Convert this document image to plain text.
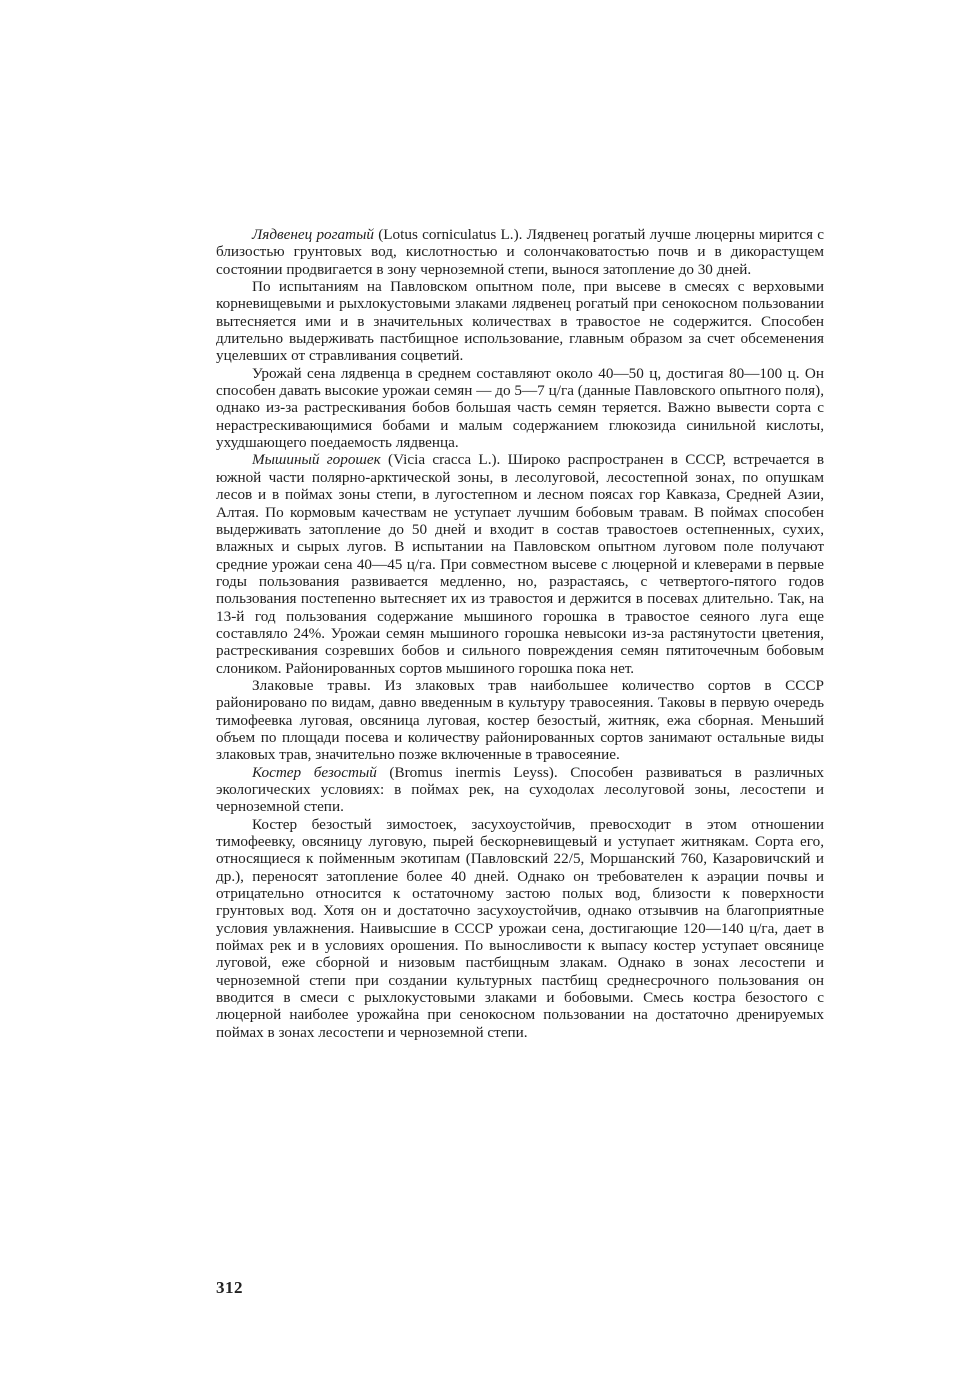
Лядвенец рогатый (Lotus corniculatus L.). Лядвенец рогатый лучше люцерны мирится с близостью грунтовых вод, кислотностью и солончаковатостью почв и в дикорастущем состоянии продвигается в зону черноземной степи, вынося затопление до 30 дней.

По испытаниям на Павловском опытном поле, при высеве в смесях с верховыми корневищевыми и рыхлокустовыми злаками лядвенец рогатый при сенокосном пользовании вытесняется ими и в значительных количествах в травостое не содержится. Способен длительно выдерживать пастбищное использование, главным образом за счет обсеменения уцелевших от стравливания соцветий.

Урожай сена лядвенца в среднем составляют около 40—50 ц, достигая 80—100 ц. Он способен давать высокие урожаи семян — до 5—7 ц/га (данные Павловского опытного поля), однако из-за растрескивания бобов большая часть семян теряется. Важно вывести сорта с нерастрескивающимися бобами и малым содержанием глюкозида синильной кислоты, ухудшающего поедаемость лядвенца.

Мышиный горошек (Vicia cracca L.). Широко распространен в СССР, встречается в южной части полярно-арктической зоны, в лесолуговой, лесостепной зонах, по опушкам лесов и в поймах зоны степи, в лугостепном и лесном поясах гор Кавказа, Средней Азии, Алтая. По кормовым качествам не уступает лучшим бобовым травам. В поймах способен выдерживать затопление до 50 дней и входит в состав травостоев остепненных, сухих, влажных и сырых лугов. В испытании на Павловском опытном луговом поле получают средние урожаи сена 40—45 ц/га. При совместном высеве с люцерной и клеверами в первые годы пользования развивается медленно, но, разрастаясь, с четвертого-пятого годов пользования постепенно вытесняет их из травостоя и держится в посевах длительно. Так, на 13-й год пользования содержание мышиного горошка в травостое сеяного луга еще составляло 24%. Урожаи семян мышиного горошка невысоки из-за растянутости цветения, растрескивания созревших бобов и сильного повреждения семян пятиточечным бобовым слоником. Районированных сортов мышиного горошка пока нет.

Злаковые травы. Из злаковых трав наибольшее количество сортов в СССР районировано по видам, давно введенным в культуру травосеяния. Таковы в первую очередь тимофеевка луговая, овсяница луговая, костер безостый, житняк, ежа сборная. Меньший объем по площади посева и количеству районированных сортов занимают остальные виды злаковых трав, значительно позже включенные в травосеяние.

Костер безостый (Bromus inermis Leyss). Способен развиваться в различных экологических условиях: в поймах рек, на суходолах лесолуговой зоны, лесостепи и черноземной степи.

Костер безостый зимостоек, засухоустойчив, превосходит в этом отношении тимофеевку, овсяницу луговую, пырей бескорневищевый и уступает житнякам. Сорта его, относящиеся к пойменным экотипам (Павловский 22/5, Моршанский 760, Казаровичский и др.), переносят затопление более 40 дней. Однако он требователен к аэрации почвы и отрицательно относится к остаточному застою полых вод, близости к поверхности грунтовых вод. Хотя он и достаточно засухоустойчив, однако отзывчив на благоприятные условия увлажнения. Наивысшие в СССР урожаи сена, достигающие 120—140 ц/га, дает в поймах рек и в условиях орошения. По выносливости к выпасу костер уступает овсянице луговой, еже сборной и низовым пастбищным злакам. Однако в зонах лесостепи и черноземной степи при создании культурных пастбищ среднесрочного пользования он вводится в смеси с рыхлокустовыми злаками и бобовыми. Смесь костра безостого с люцерной наиболее урожайна при сенокосном пользовании на достаточно дренируемых поймах в зонах лесостепи и черноземной степи.

312
